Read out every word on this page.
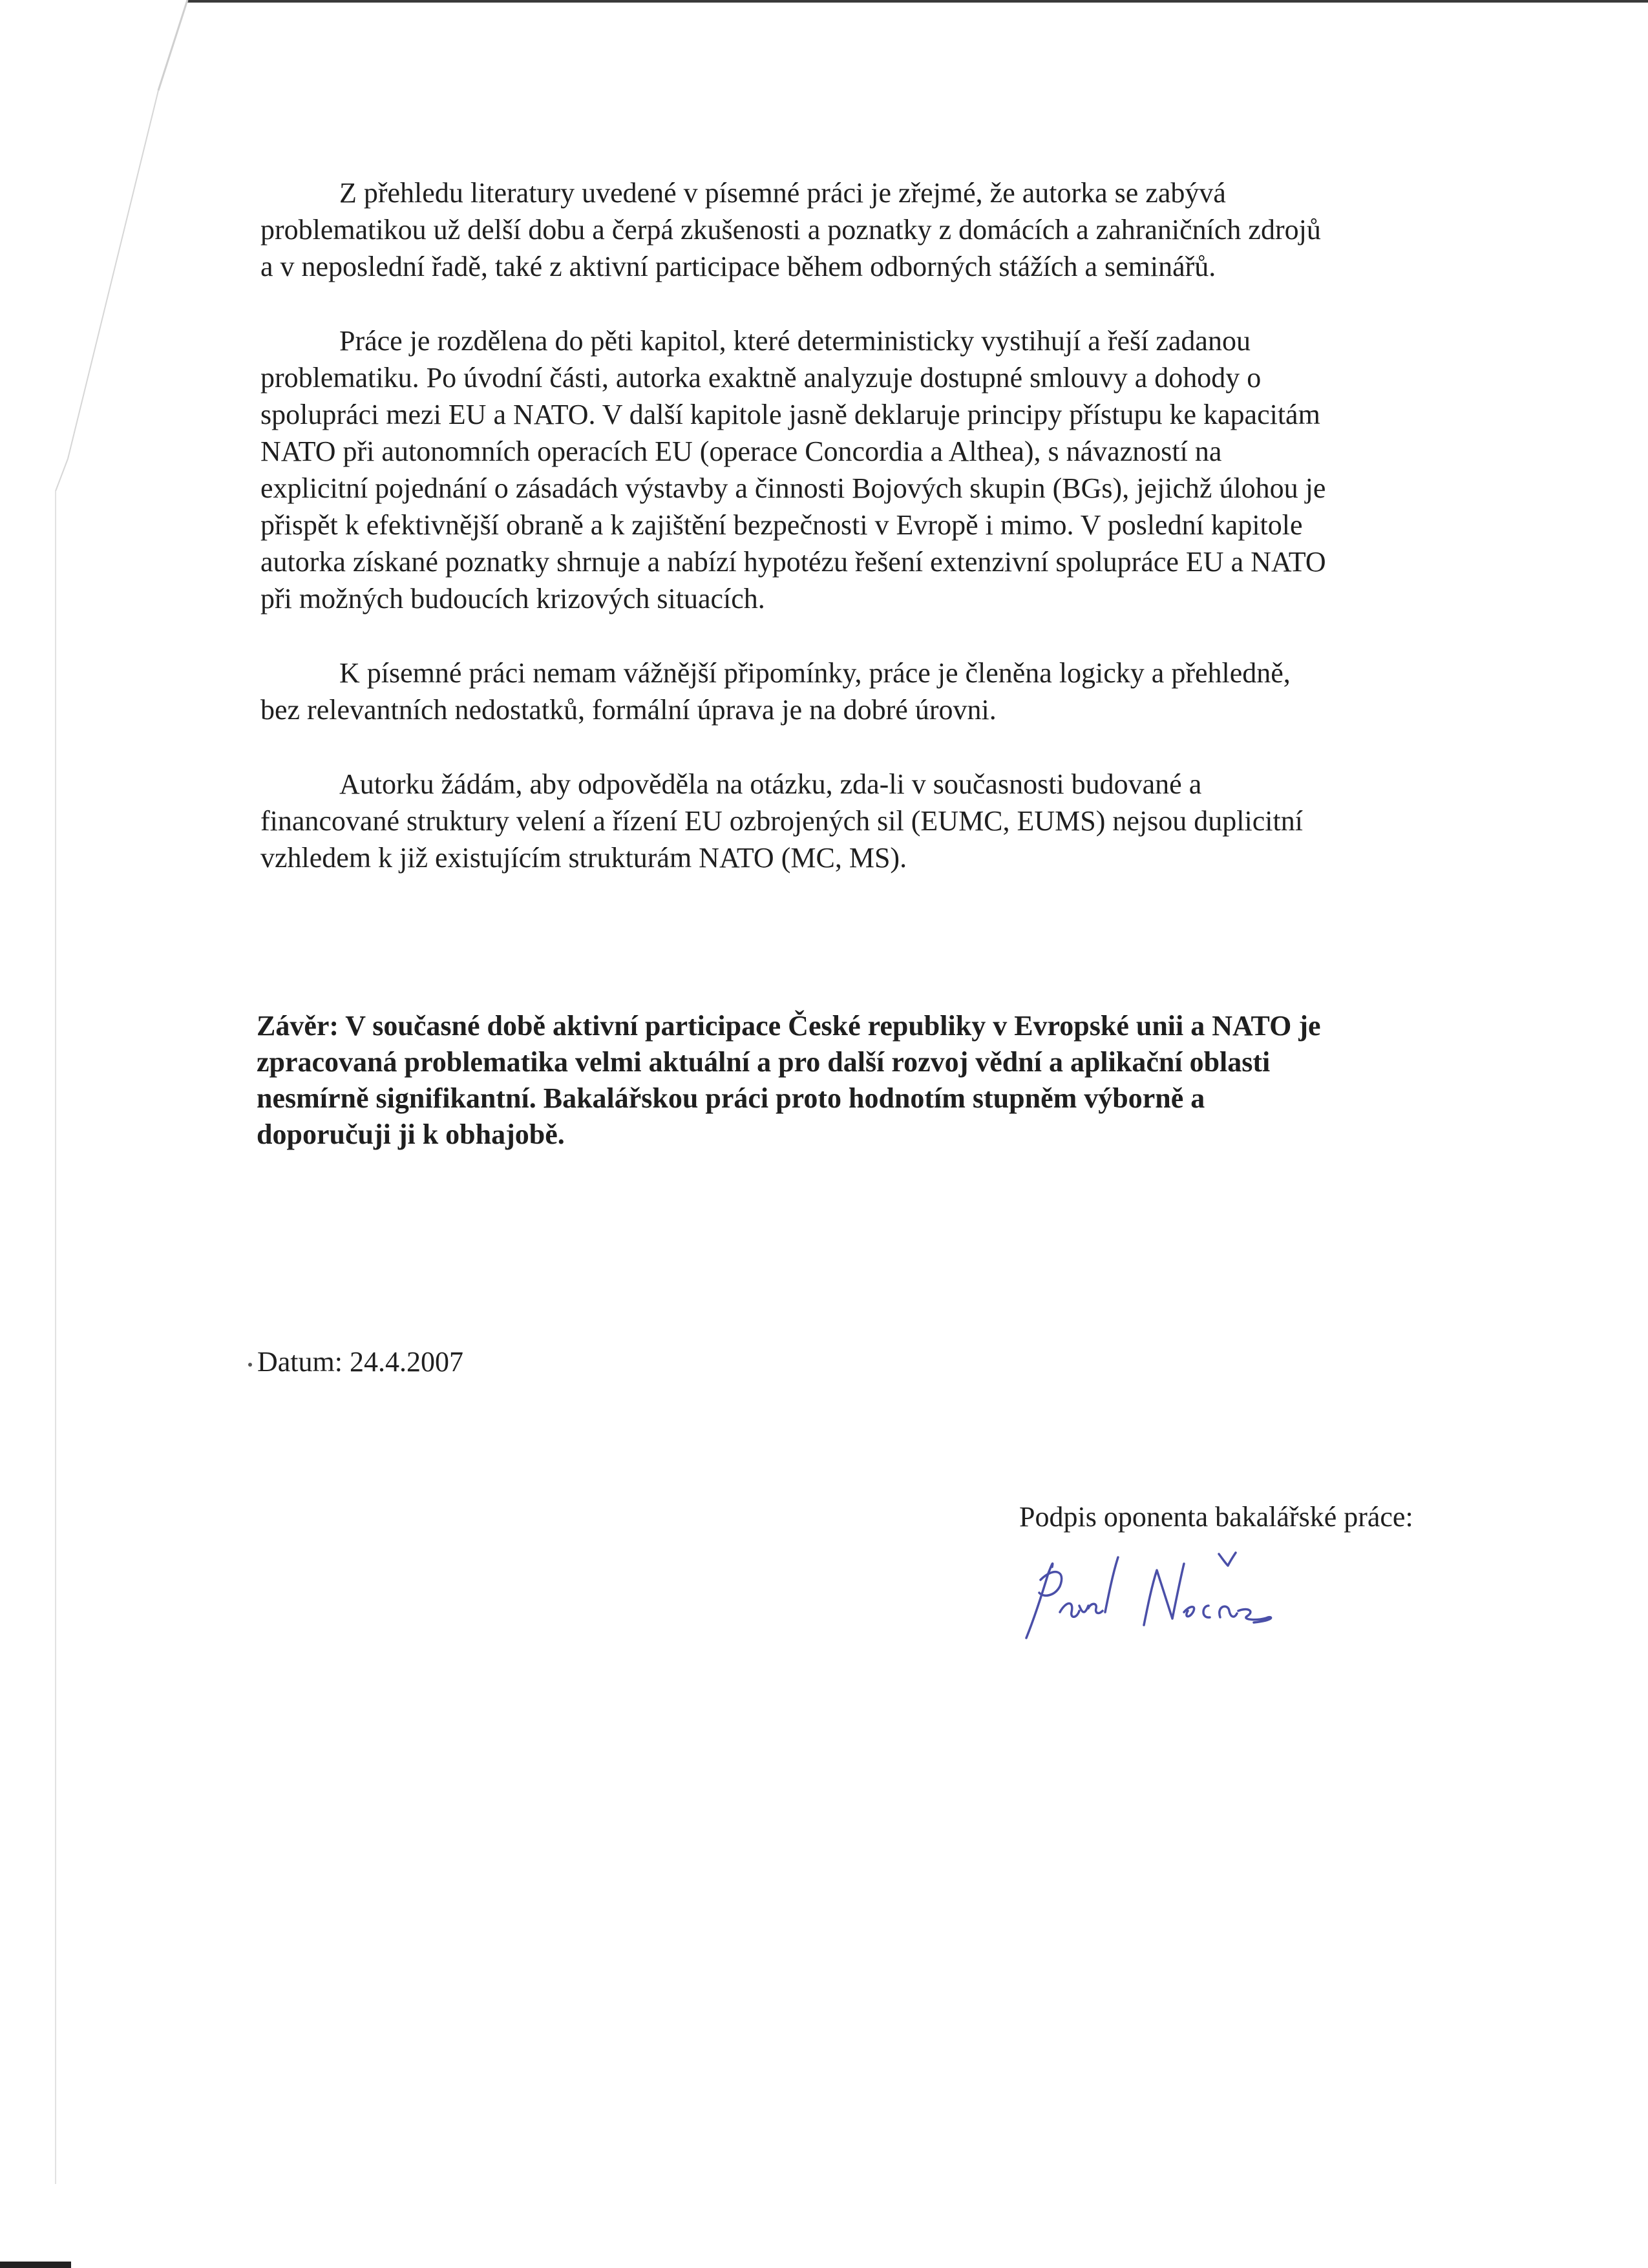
Z přehledu literatury uvedené v písemné práci je zřejmé, že autorka se zabývá
problematikou už delší dobu a čerpá zkušenosti a poznatky z domácích a zahraničních zdrojů
a v neposlední řadě, také z aktivní participace během odborných stážích a seminářů.

Práce je rozdělena do pěti kapitol, které deterministicky vystihují a řeší zadanou
problematiku. Po úvodní části, autorka exaktně analyzuje dostupné smlouvy a dohody o
spolupráci mezi EU a NATO. V další kapitole jasně deklaruje principy přístupu ke kapacitám
NATO při autonomních operacích EU (operace Concordia a Althea), s návazností na
explicitní pojednání o zásadách výstavby a činnosti Bojových skupin (BGs), jejichž úlohou je
přispět k efektivnější obraně a k zajištění bezpečnosti v Evropě i mimo. V poslední kapitole
autorka získané poznatky shrnuje a nabízí hypotézu řešení extenzivní spolupráce EU a NATO
při možných budoucích krizových situacích.

K písemné práci nemam vážnější připomínky, práce je členěna logicky a přehledně,
bez relevantních nedostatků, formální úprava je na dobré úrovni.

Autorku žádám, aby odpověděla na otázku, zda-li v současnosti budované a
financované struktury velení a řízení EU ozbrojených sil (EUMC, EUMS) nejsou duplicitní
vzhledem k již existujícím strukturám NATO (MC, MS).

Závěr: V současné době aktivní participace České republiky v Evropské unii a NATO je
zpracovaná problematika velmi aktuální a pro další rozvoj vědní a aplikační oblasti
nesmírně signifikantní. Bakalářskou práci proto hodnotím stupněm výborně a
doporučuji ji k obhajobě.
Datum: 24.4.2007
Podpis oponenta bakalářské práce:
